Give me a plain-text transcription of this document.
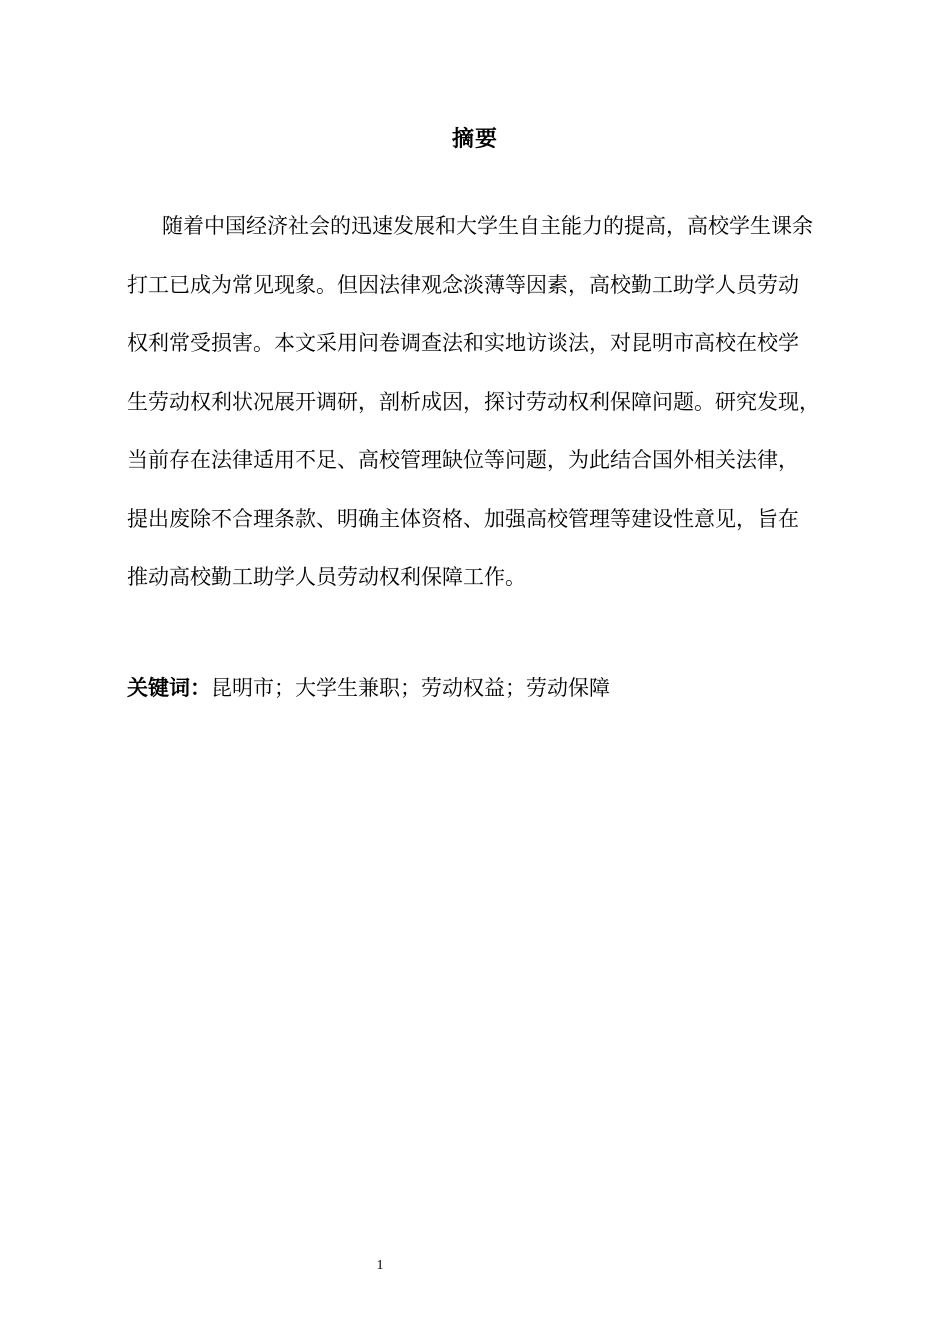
摘要
随着中国经济社会的迅速发展和大学生自主能力的提高，高校学生课余
打工已成为常见现象。但因法律观念淡薄等因素，高校勤工助学人员劳动
权利常受损害。本文采用问卷调查法和实地访谈法，对昆明市高校在校学
生劳动权利状况展开调研，剖析成因，探讨劳动权利保障问题。研究发现，
当前存在法律适用不足、高校管理缺位等问题，为此结合国外相关法律，
提出废除不合理条款、明确主体资格、加强高校管理等建设性意见，旨在
推动高校勤工助学人员劳动权利保障工作。
关键词：昆明市；大学生兼职；劳动权益；劳动保障
1
